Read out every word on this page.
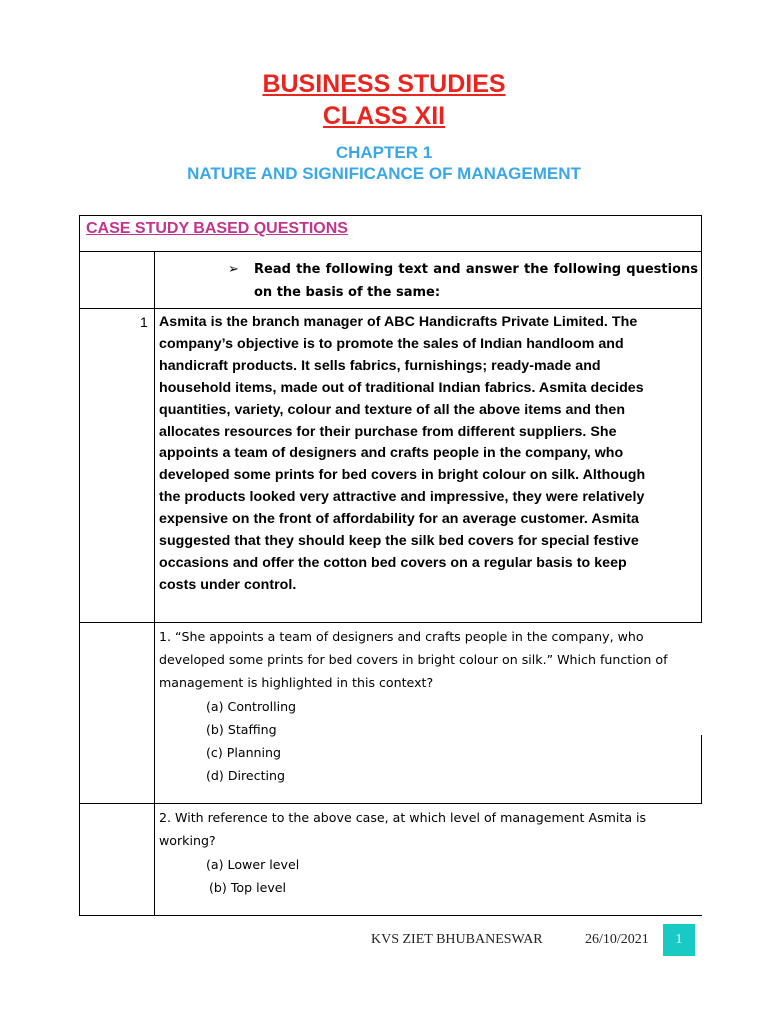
BUSINESS STUDIES
CLASS XII
CHAPTER 1
NATURE AND SIGNIFICANCE OF MANAGEMENT
CASE STUDY BASED QUESTIONS
➢	Read the following text and answer the following questions on the basis of the same:
1 Asmita is the branch manager of ABC Handicrafts Private Limited. The
company’s objective is to promote the sales of Indian handloom and
handicraft products. It sells fabrics, furnishings; ready-made and
household items, made out of traditional Indian fabrics. Asmita decides
quantities, variety, colour and texture of all the above items and then
allocates resources for their purchase from different suppliers. She
appoints a team of designers and crafts people in the company, who
developed some prints for bed covers in bright colour on silk. Although
the products looked very attractive and impressive, they were relatively
expensive on the front of affordability for an average customer. Asmita
suggested that they should keep the silk bed covers for special festive
occasions and offer the cotton bed covers on a regular basis to keep
costs under control.
1. “She appoints a team of designers and crafts people in the company, who
developed some prints for bed covers in bright colour on silk.” Which function of
management is highlighted in this context?
(a) Controlling
(b) Staffing
(c) Planning
(d) Directing
2. With reference to the above case, at which level of management Asmita is
working?
(a) Lower level
(b) Top level
KVS ZIET BHUBANESWAR	26/10/2021	1
